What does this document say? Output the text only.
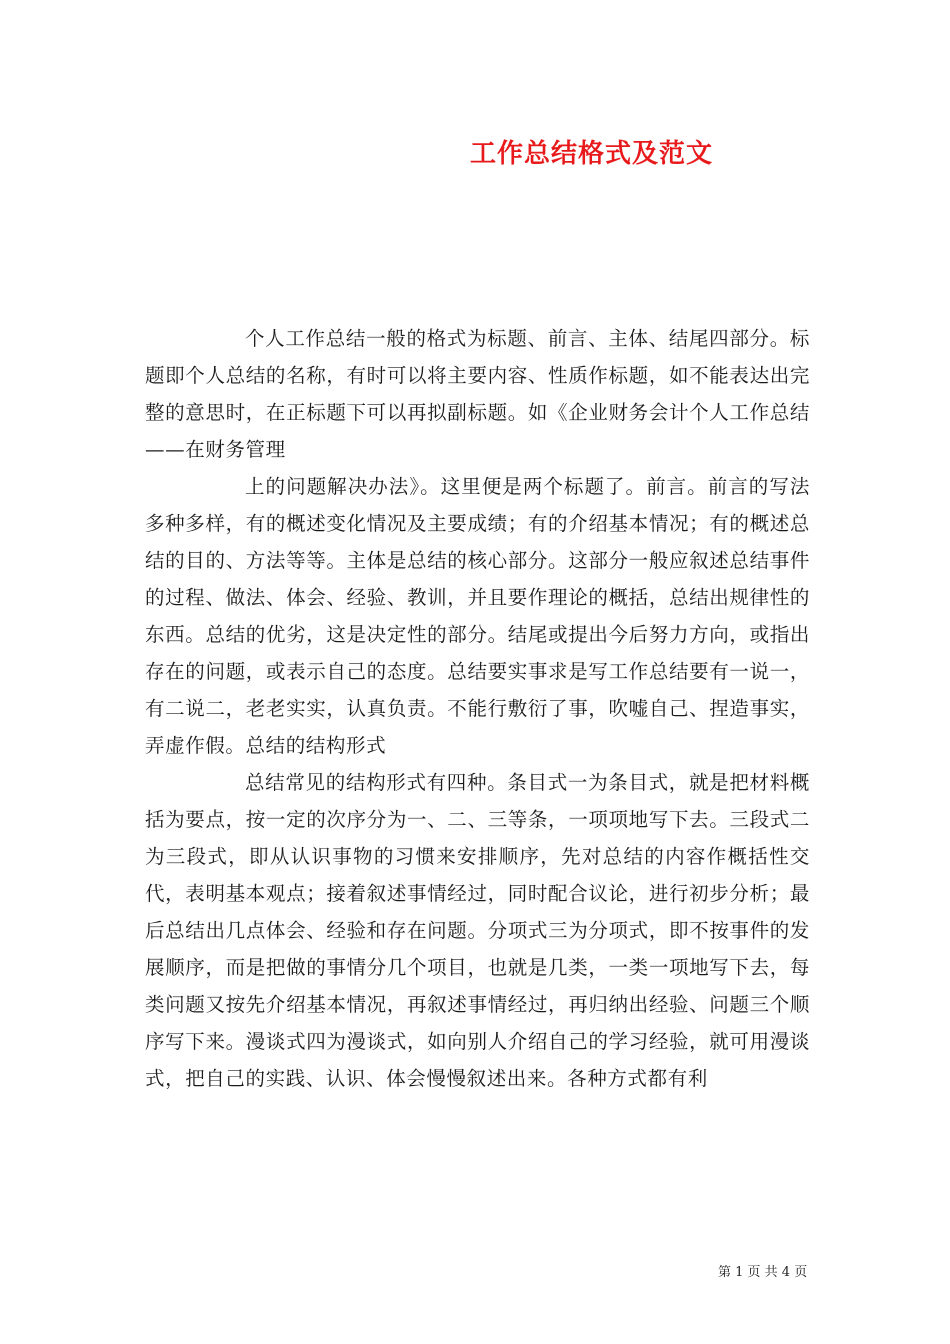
工作总结格式及范文

个人工作总结一般的格式为标题、前言、主体、结尾四部分。标题即个人总结的名称，有时可以将主要内容、性质作标题，如不能表达出完整的意思时，在正标题下可以再拟副标题。如《企业财务会计个人工作总结——在财务管理

上的问题解决办法》。这里便是两个标题了。前言。前言的写法多种多样，有的概述变化情况及主要成绩；有的介绍基本情况；有的概述总结的目的、方法等等。主体是总结的核心部分。这部分一般应叙述总结事件的过程、做法、体会、经验、教训，并且要作理论的概括，总结出规律性的东西。总结的优劣，这是决定性的部分。结尾或提出今后努力方向，或指出存在的问题，或表示自己的态度。总结要实事求是写工作总结要有一说一，有二说二，老老实实，认真负责。不能行敷衍了事，吹嘘自己、捏造事实，弄虚作假。总结的结构形式

总结常见的结构形式有四种。条目式一为条目式，就是把材料概括为要点，按一定的次序分为一、二、三等条，一项项地写下去。三段式二为三段式，即从认识事物的习惯来安排顺序，先对总结的内容作概括性交代，表明基本观点；接着叙述事情经过，同时配合议论，进行初步分析；最后总结出几点体会、经验和存在问题。分项式三为分项式，即不按事件的发展顺序，而是把做的事情分几个项目，也就是几类，一类一项地写下去，每类问题又按先介绍基本情况，再叙述事情经过，再归纳出经验、问题三个顺序写下来。漫谈式四为漫谈式，如向别人介绍自己的学习经验，就可用漫谈式，把自己的实践、认识、体会慢慢叙述出来。各种方式都有利

第 1 页 共 4 页
